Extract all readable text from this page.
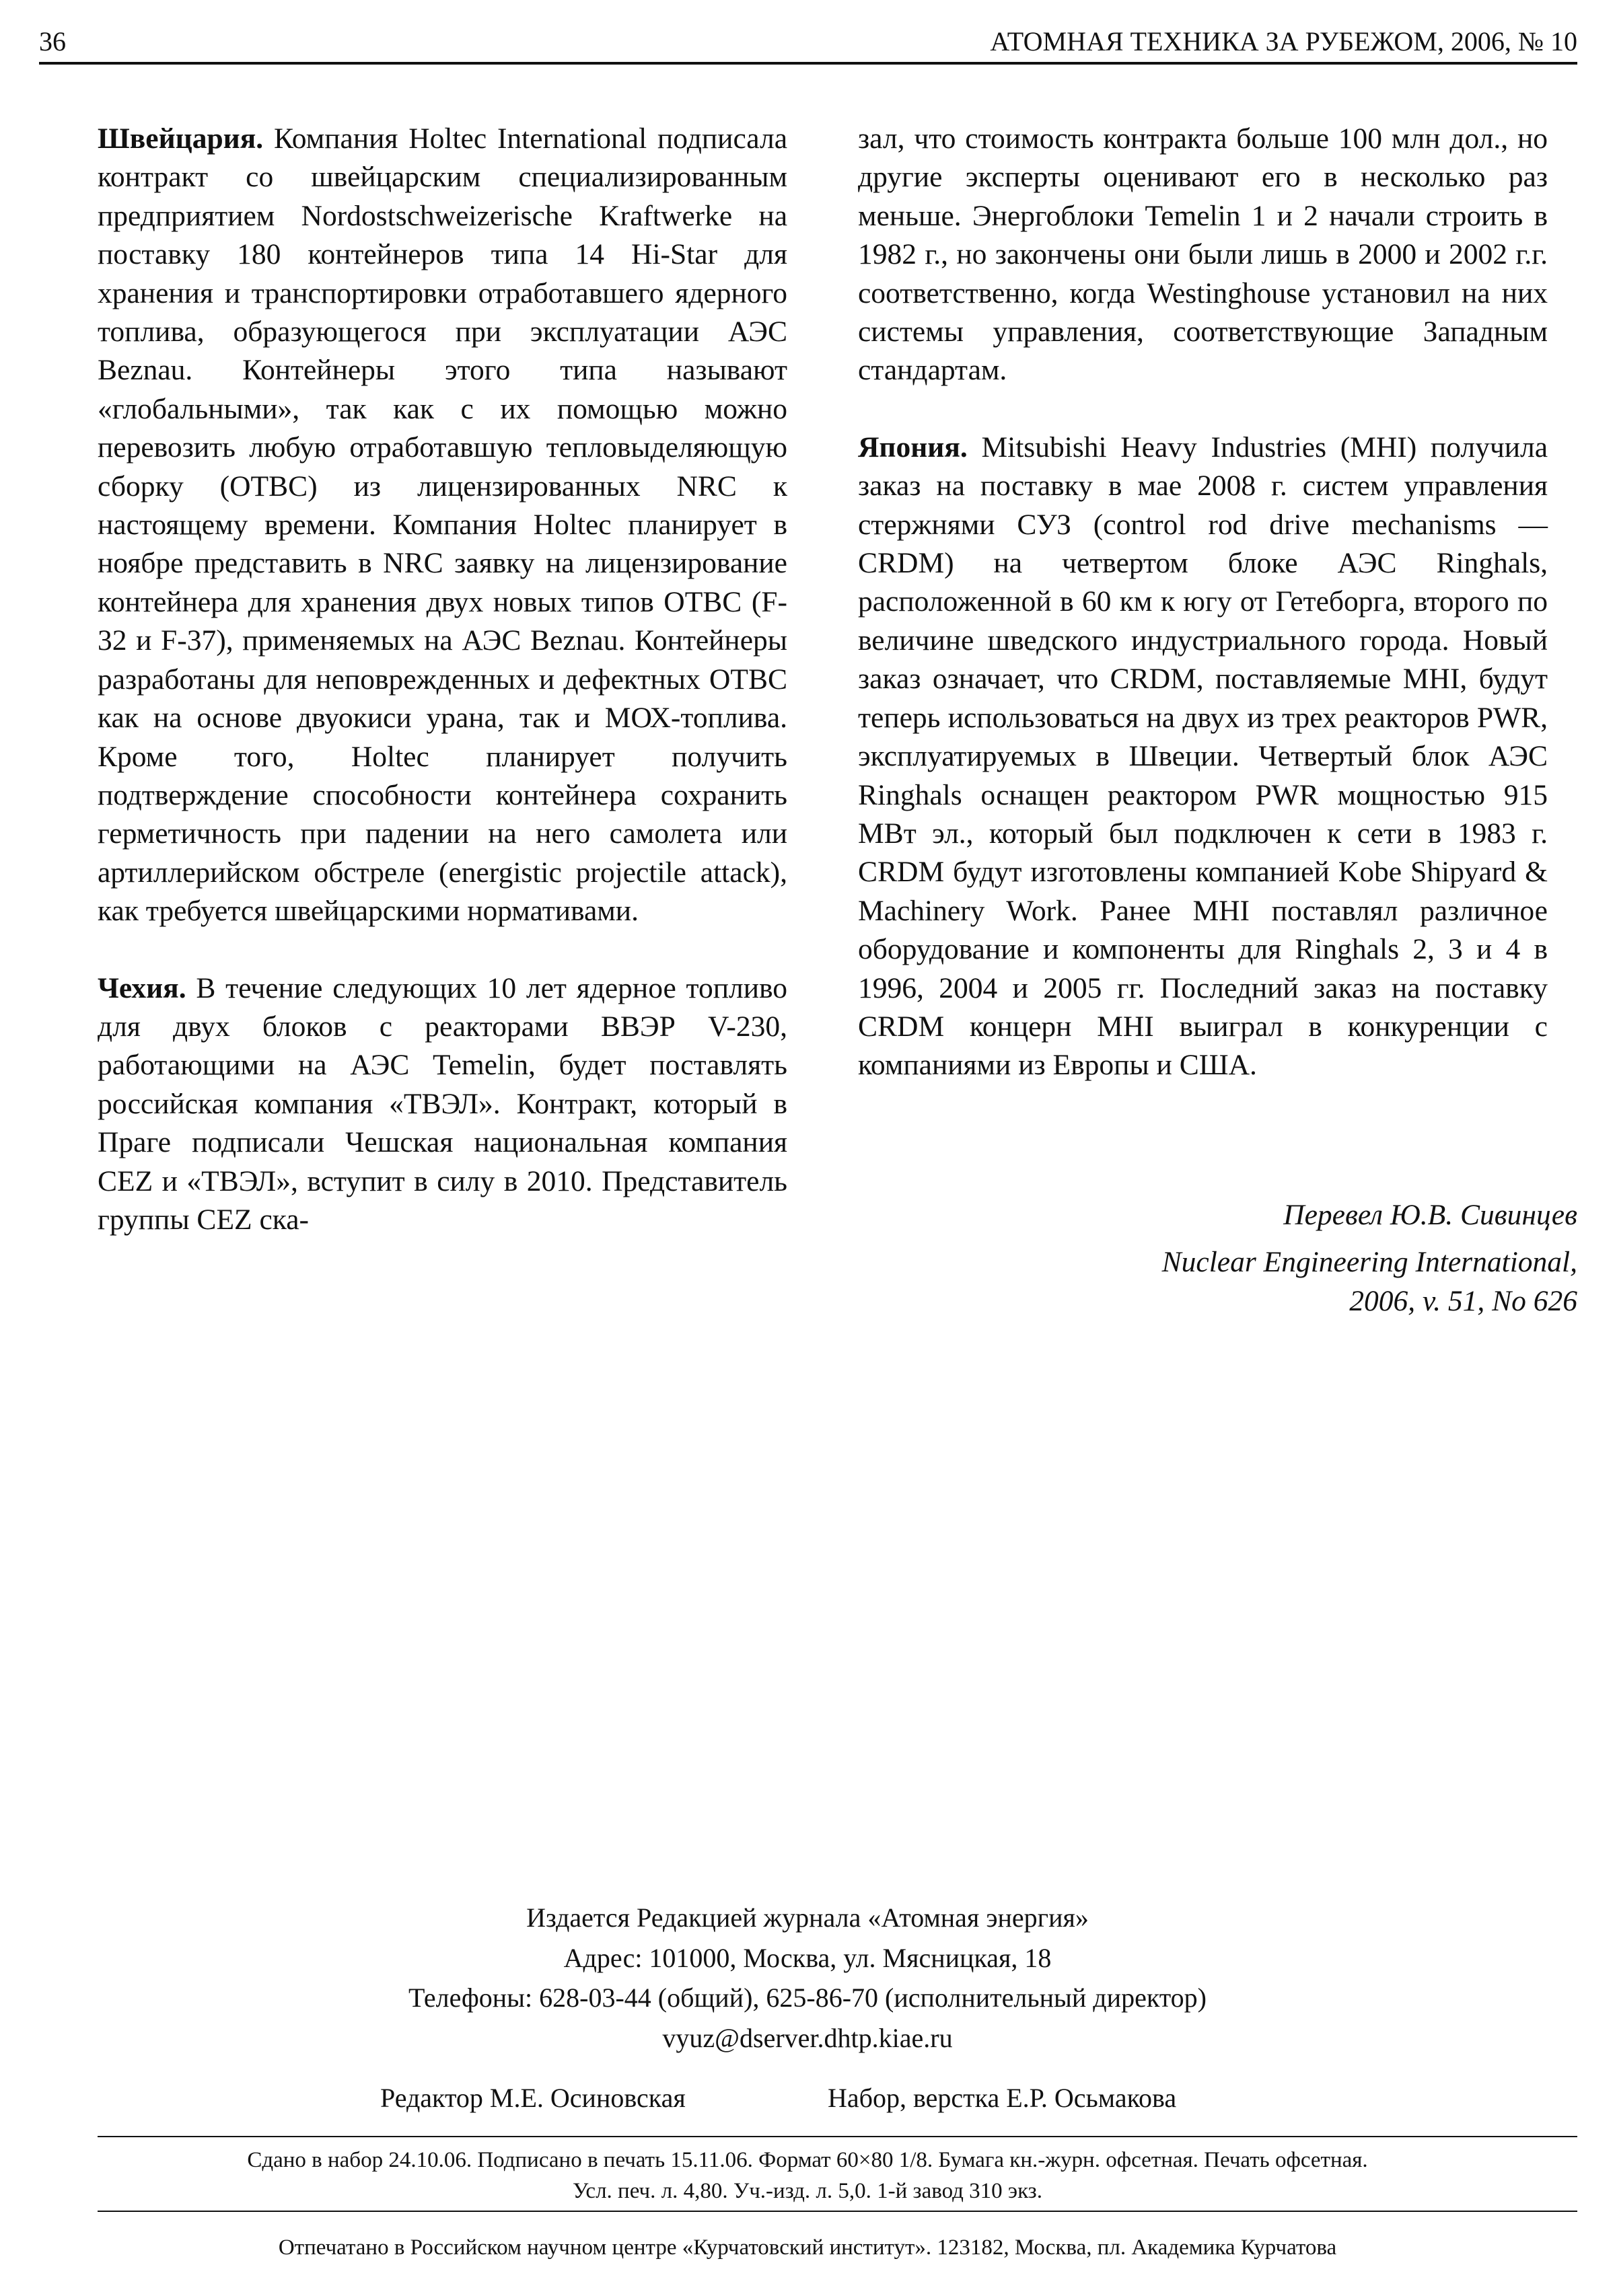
36	АТОМНАЯ ТЕХНИКА ЗА РУБЕЖОМ, 2006, № 10

Швейцария. Компания Holtec International подписала контракт со швейцарским специализированным предприятием Nordostschweizerische Kraftwerke на поставку 180 контейнеров типа 14 Hi-Star для хранения и транспортировки отработавшего ядерного топлива, образующегося при эксплуатации АЭС Beznau. Контейнеры этого типа называют «глобальными», так как с их помощью можно перевозить любую отработавшую тепловыделяющую сборку (ОТВС) из лицензированных NRC к настоящему времени. Компания Holtec планирует в ноябре представить в NRC заявку на лицензирование контейнера для хранения двух новых типов ОТВС (F-32 и F-37), применяемых на АЭС Beznau. Контейнеры разработаны для неповрежденных и дефектных ОТВС как на основе двуокиси урана, так и МОХ-топлива. Кроме того, Holtec планирует получить подтверждение способности контейнера сохранить герметичность при падении на него самолета или артиллерийском обстреле (energistic projectile attack), как требуется швейцарскими нормативами.

Чехия. В течение следующих 10 лет ядерное топливо для двух блоков с реакторами ВВЭР V-230, работающими на АЭС Temelin, будет поставлять российская компания «ТВЭЛ». Контракт, который в Праге подписали Чешская национальная компания CEZ и «ТВЭЛ», вступит в силу в 2010. Представитель группы CEZ ска-

зал, что стоимость контракта больше 100 млн дол., но другие эксперты оценивают его в несколько раз меньше. Энергоблоки Temelin 1 и 2 начали строить в 1982 г., но закончены они были лишь в 2000 и 2002 г.г. соответственно, когда Westinghouse установил на них системы управления, соответствующие Западным стандартам.

Япония. Mitsubishi Heavy Industries (MHI) получила заказ на поставку в мае 2008 г. систем управления стержнями СУЗ (control rod drive mechanisms — CRDM) на четвертом блоке АЭС Ringhals, расположенной в 60 км к югу от Гетеборга, второго по величине шведского индустриального города. Новый заказ означает, что CRDM, поставляемые MHI, будут теперь использоваться на двух из трех реакторов PWR, эксплуатируемых в Швеции. Четвертый блок АЭС Ringhals оснащен реактором PWR мощностью 915 МВт эл., который был подключен к сети в 1983 г. CRDM будут изготовлены компанией Kobe Shipyard & Machinery Work. Ранее MHI поставлял различное оборудование и компоненты для Ringhals 2, 3 и 4 в 1996, 2004 и 2005 гг. Последний заказ на поставку CRDM концерн MHI выиграл в конкуренции с компаниями из Европы и США.

Перевел Ю.В. Сивинцев
Nuclear Engineering International,
2006, v. 51, No 626
Издается Редакцией журнала «Атомная энергия»
Адрес: 101000, Москва, ул. Мясницкая, 18
Телефоны: 628-03-44 (общий), 625-86-70 (исполнительный директор)
vyuz@dserver.dhtp.kiae.ru
Редактор М.Е. Осиновская	Набор, верстка Е.Р. Осьмакова
Сдано в набор 24.10.06. Подписано в печать 15.11.06. Формат 60×80 1/8. Бумага кн.-журн. офсетная. Печать офсетная.
Усл. печ. л. 4,80. Уч.-изд. л. 5,0. 1-й завод 310 экз.
Отпечатано в Российском научном центре «Курчатовский институт». 123182, Москва, пл. Академика Курчатова
